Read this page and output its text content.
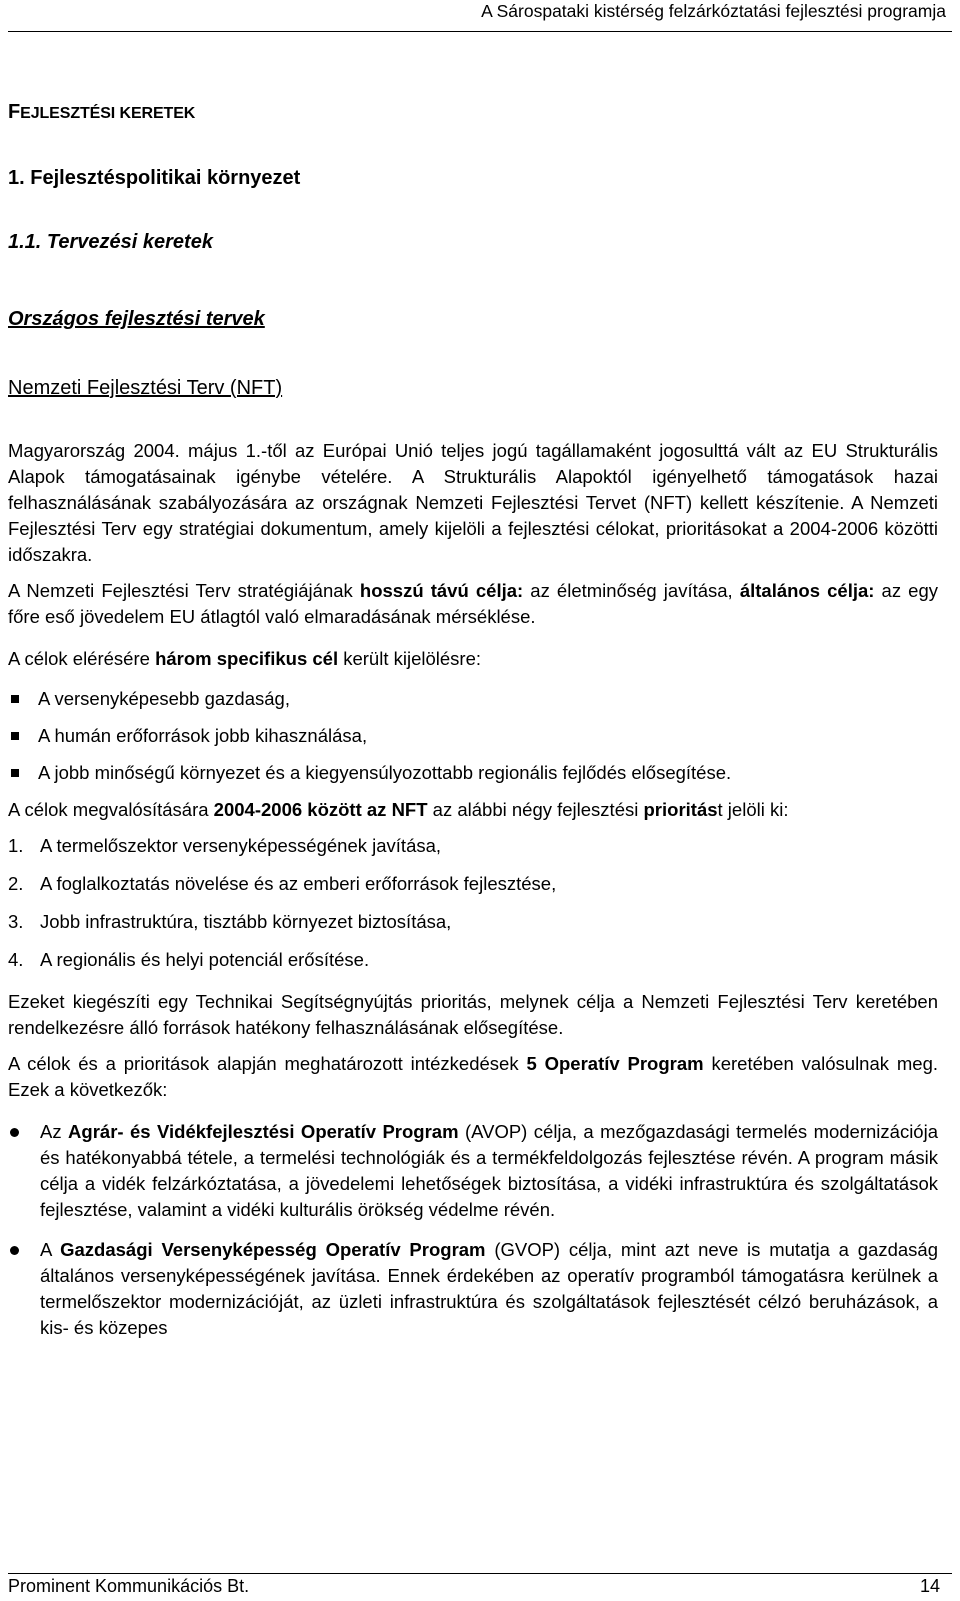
A Sárospataki kistérség felzárkóztatási fejlesztési programja
FEJLESZTÉSI KERETEK
1. Fejlesztéspolitikai környezet
1.1. Tervezési keretek
Országos fejlesztési tervek
Nemzeti Fejlesztési Terv (NFT)

Magyarország 2004. május 1.-től az Európai Unió teljes jogú tagállamaként jogosulttá vált az EU Strukturális Alapok támogatásainak igénybe vételére. A Strukturális Alapoktól igényelhető támogatások hazai felhasználásának szabályozására az országnak Nemzeti Fejlesztési Tervet (NFT) kellett készítenie. A Nemzeti Fejlesztési Terv egy stratégiai dokumentum, amely kijelöli a fejlesztési célokat, prioritásokat a 2004-2006 közötti időszakra.

A Nemzeti Fejlesztési Terv stratégiájának hosszú távú célja: az életminőség javítása, általános célja: az egy főre eső jövedelem EU átlagtól való elmaradásának mérséklése.

A célok elérésére három specifikus cél került kijelölésre:

A versenyképesebb gazdaság,
A humán erőforrások jobb kihasználása,
A jobb minőségű környezet és a kiegyensúlyozottabb regionális fejlődés elősegítése.

A célok megvalósítására 2004-2006 között az NFT az alábbi négy fejlesztési prioritást jelöli ki:

1. A termelőszektor versenyképességének javítása,
2. A foglalkoztatás növelése és az emberi erőforrások fejlesztése,
3. Jobb infrastruktúra, tisztább környezet biztosítása,
4. A regionális és helyi potenciál erősítése.

Ezeket kiegészíti egy Technikai Segítségnyújtás prioritás, melynek célja a Nemzeti Fejlesztési Terv keretében rendelkezésre álló források hatékony felhasználásának elősegítése.

A célok és a prioritások alapján meghatározott intézkedések 5 Operatív Program keretében valósulnak meg. Ezek a következők:

Az Agrár- és Vidékfejlesztési Operatív Program (AVOP) célja, a mezőgazdasági termelés modernizációja és hatékonyabbá tétele, a termelési technológiák és a termékfeldolgozás fejlesztése révén. A program másik célja a vidék felzárkóztatása, a jövedelemi lehetőségek biztosítása, a vidéki infrastruktúra és szolgáltatások fejlesztése, valamint a vidéki kulturális örökség védelme révén.
A Gazdasági Versenyképesség Operatív Program (GVOP) célja, mint azt neve is mutatja a gazdaság általános versenyképességének javítása. Ennek érdekében az operatív programból támogatásra kerülnek a termelőszektor modernizációját, az üzleti infrastruktúra és szolgáltatások fejlesztését célzó beruházások, a kis- és közepes
Prominent Kommunikációs Bt.	14
